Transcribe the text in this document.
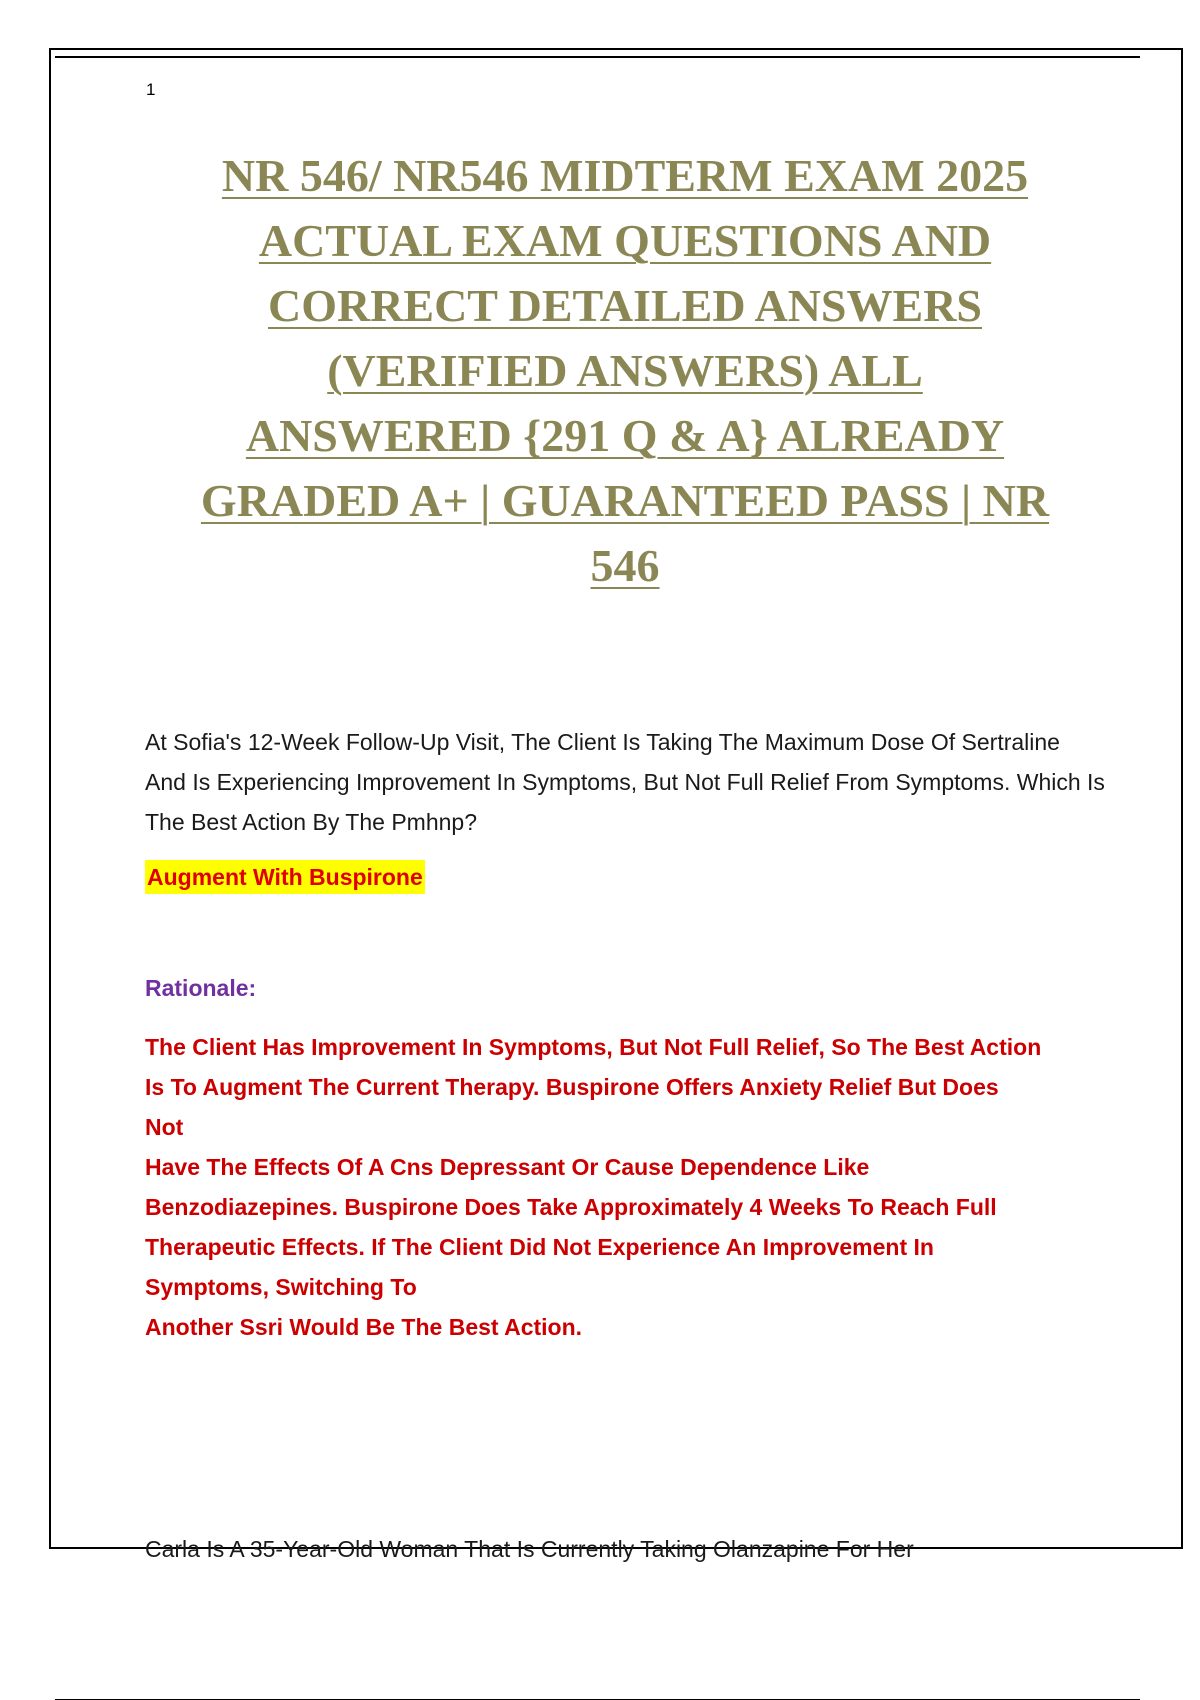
1
NR 546/ NR546 MIDTERM EXAM 2025
ACTUAL EXAM QUESTIONS AND
CORRECT DETAILED ANSWERS
(VERIFIED ANSWERS) ALL
ANSWERED {291 Q & A} ALREADY
GRADED A+ | GUARANTEED PASS | NR
546
At Sofia's 12-Week Follow-Up Visit, The Client Is Taking The Maximum Dose Of Sertraline And Is Experiencing Improvement In Symptoms, But Not Full Relief From Symptoms. Which Is The Best Action By The Pmhnp?
Augment With Buspirone
Rationale:
The Client Has Improvement In Symptoms, But Not Full Relief, So The Best Action
Is To Augment The Current Therapy. Buspirone Offers Anxiety Relief But Does
Not
Have The Effects Of A Cns Depressant Or Cause Dependence Like
Benzodiazepines. Buspirone Does Take Approximately 4 Weeks To Reach Full
Therapeutic Effects. If The Client Did Not Experience An Improvement In
Symptoms, Switching To
Another Ssri Would Be The Best Action.
Carla Is A 35-Year-Old Woman That Is Currently Taking Olanzapine For Her
